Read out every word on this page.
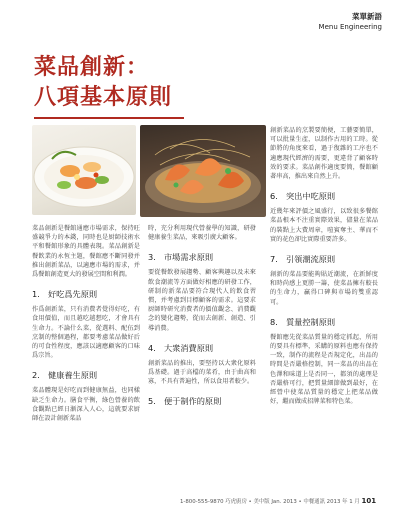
菜單新語
Menu Engineering
菜品創新：
八項基本原則

創新菜品的烹製要簡便，工藝要簡單，可以批量生產，以制作古用的工時。從節將的角度來看，過于復雜的工序也不適應現代經濟的需要，更違背了顧客時效的要求。菜品創作適度要簡，餐館顧著串高，推出來自然上升。

6.　突出中吃原則

近幾年來評價之風盛行，以致很多餐館菜品根本不注重實際效果，儘量在菜品的裝點上大費周章，喧賓奪主、華而不實的花色卻比實際重要許多。

7.　引領潮流原則

創新的菜品要能夠貼近潮流，在新鮮度和時尚感上更勝一籌，使菜品擁有較長的生命力，贏得口碑與市場的雙重認可。

8.　質量控制原則

餐館應先從菜品質量的穩定抓起，所用的要具有標準，采購的原料也應有保持一致，制作的流程是否規定化，出品的時間是否嚴格控制，同一菜品的出品在色澤和味道上是否同一，都須的處理是否嚴格可行，把質量細節做到最好，在經營中使菜品質量的穩定上把菜品做好，繼而做成招牌菜和特色菜。

菜品創新是餐館通應市場需求，保持旺盛競爭力的本錢，同時也是厨師技術水平和餐館形象的具體表現。菜品創新是餐飲業的永恆主題，餐館應不斷同發并推出創新菜品，以適應市場的需求，并爲餐館創造更大的發展空間和利潤。

1.　好吃爲先原則

作爲創新菜，只有消費者覺得好吃，有食用價值，而且越吃越想吃，才會具有生命力。不論什么菜，從選料、配伍到烹制的整個過程，都要考慮菜品做好后的可食性程度，應該以適應顧客的口味爲宗旨。

2.　健康養生原則

菜品體現是好吃而到健康無益，也同樣缺乏生命力。膳食平衡，綠色營養的飲食觀點已經日漸深入人心，這就要求厨師在設計創新菜品

時，充分利用現代營養學的知識，研發健康養生菜品，來吸引廣大顧客。

3.　市場需求原則

要從餐飲發展趨勢、顧客興趣以及未來飲食潮流等方面做好相應的研發工作，研制的新菜品要符合現代人的飲食習慣，并考慮到目標顧客的需求。這要求厨師時研究消費者的價值觀念、消費觀念的變化趨勢，從而去創新、創造、引導消費。

4.　大衆消費原則

創新菜品的推出，要堅持以大衆化原料爲基礎。過于高檔的菜肴，由于曲高和寡，不具有普遍性，所以食用者較少。

5.　便于制作的原則
1-800-555-9870 巧虎廚房 • 美中版 Jan. 2013 • 中餐通訊 2013 年 1 月 101
